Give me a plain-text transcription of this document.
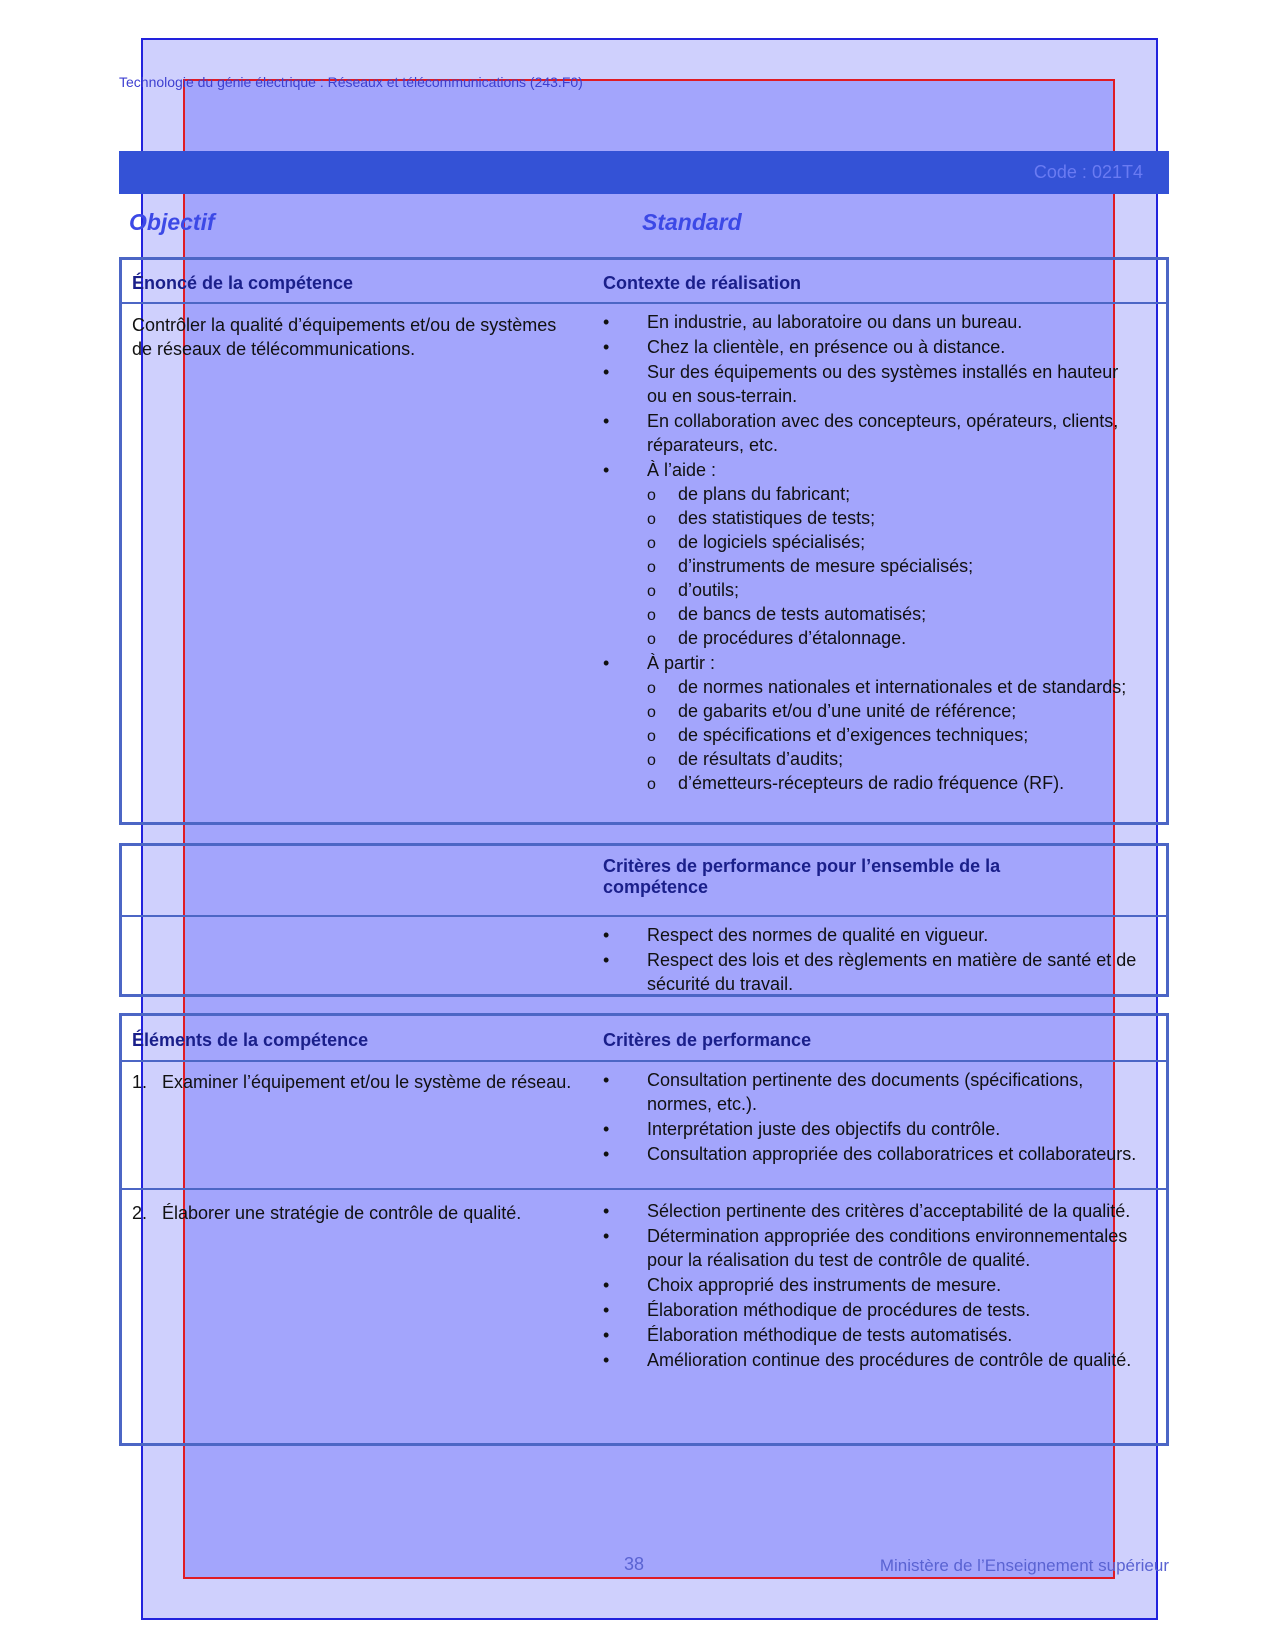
Technologie du génie électrique : Réseaux et télécommunications (243.F0)
Code : 021T4
Objectif	Standard
Énoncé de la compétence	Contexte de réalisation
Contrôler la qualité d’équipements et/ou de systèmes de réseaux de télécommunications.
• En industrie, au laboratoire ou dans un bureau.
• Chez la clientèle, en présence ou à distance.
• Sur des équipements ou des systèmes installés en hauteur ou en sous-terrain.
• En collaboration avec des concepteurs, opérateurs, clients, réparateurs, etc.
• À l’aide :
o de plans du fabricant;
o des statistiques de tests;
o de logiciels spécialisés;
o d’instruments de mesure spécialisés;
o d’outils;
o de bancs de tests automatisés;
o de procédures d’étalonnage.
• À partir :
o de normes nationales et internationales et de standards;
o de gabarits et/ou d’une unité de référence;
o de spécifications et d’exigences techniques;
o de résultats d’audits;
o d’émetteurs-récepteurs de radio fréquence (RF).
Critères de performance pour l’ensemble de la compétence
• Respect des normes de qualité en vigueur.
• Respect des lois et des règlements en matière de santé et de sécurité du travail.
Éléments de la compétence	Critères de performance
1. Examiner l’équipement et/ou le système de réseau.	• Consultation pertinente des documents (spécifications, normes, etc.).
• Interprétation juste des objectifs du contrôle.
• Consultation appropriée des collaboratrices et collaborateurs.
2. Élaborer une stratégie de contrôle de qualité.	• Sélection pertinente des critères d’acceptabilité de la qualité.
• Détermination appropriée des conditions environnementales pour la réalisation du test de contrôle de qualité.
• Choix approprié des instruments de mesure.
• Élaboration méthodique de procédures de tests.
• Élaboration méthodique de tests automatisés.
• Amélioration continue des procédures de contrôle de qualité.
38	Ministère de l’Enseignement supérieur
